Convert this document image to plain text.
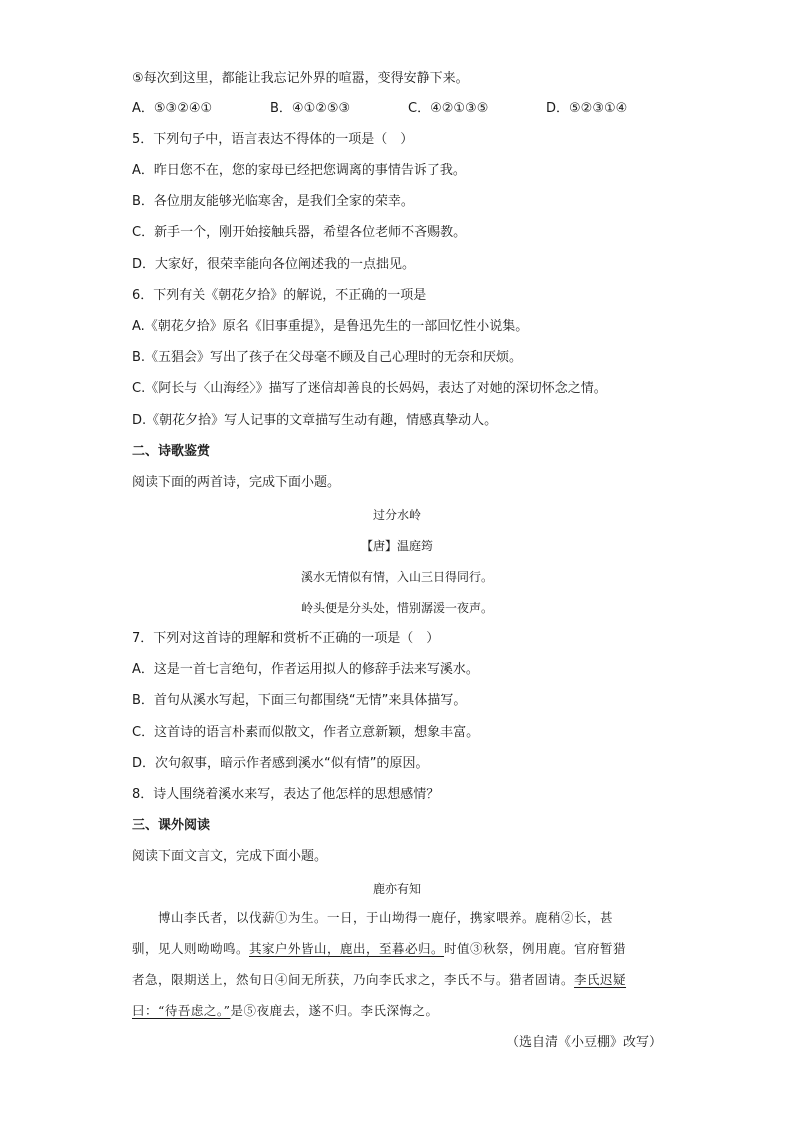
⑤每次到这里，都能让我忘记外界的喧嚣，变得安静下来。
A．⑤③②④①	B．④①②⑤③	C．④②①③⑤	D．⑤②③①④
5．下列句子中，语言表达不得体的一项是（　）
A．昨日您不在，您的家母已经把您调离的事情告诉了我。
B．各位朋友能够光临寒舍，是我们全家的荣幸。
C．新手一个，刚开始接触兵器，希望各位老师不吝赐教。
D．大家好，很荣幸能向各位阐述我的一点拙见。
6．下列有关《朝花夕拾》的解说，不正确的一项是
A.《朝花夕拾》原名《旧事重提》，是鲁迅先生的一部回忆性小说集。
B.《五猖会》写出了孩子在父母毫不顾及自己心理时的无奈和厌烦。
C.《阿长与〈山海经〉》描写了迷信却善良的长妈妈，表达了对她的深切怀念之情。
D.《朝花夕拾》写人记事的文章描写生动有趣，情感真挚动人。
二、诗歌鉴赏
阅读下面的两首诗，完成下面小题。
过分水岭
【唐】温庭筠
溪水无情似有情，入山三日得同行。
岭头便是分头处，惜别潺湲一夜声。
7．下列对这首诗的理解和赏析不正确的一项是（　）
A．这是一首七言绝句，作者运用拟人的修辞手法来写溪水。
B．首句从溪水写起，下面三句都围绕“无情”来具体描写。
C．这首诗的语言朴素而似散文，作者立意新颖，想象丰富。
D．次句叙事，暗示作者感到溪水“似有情”的原因。
8．诗人围绕着溪水来写，表达了他怎样的思想感情？
三、课外阅读
阅读下面文言文，完成下面小题。
鹿亦有知

　　博山李氏者，以伐薪①为生。一日，于山坳得一鹿仔，携家喂养。鹿稍②长，甚

驯，见人则呦呦鸣。其家户外皆山，鹿出，至暮必归。时值③秋祭，例用鹿。官府暂猎

者急，限期送上，然旬日④间无所获，乃向李氏求之，李氏不与。猎者固请。李氏迟疑

曰：“待吾虑之。”是⑤夜鹿去，遂不归。李氏深悔之。

（选自清《小豆棚》改写）
